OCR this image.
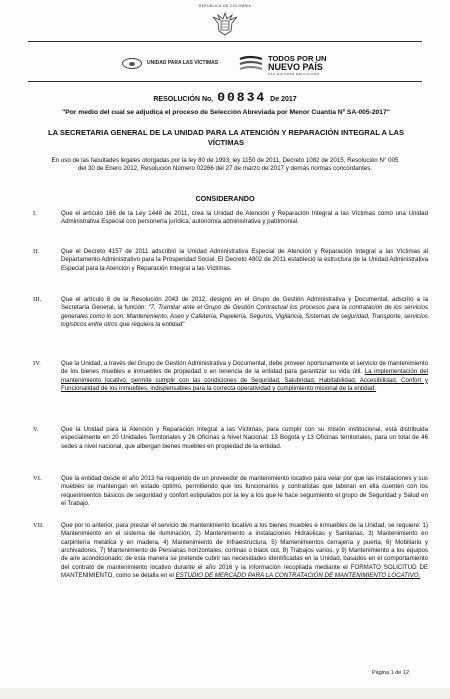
REPÚBLICA DE COLOMBIA
UNIDAD PARA LAS VÍCTIMAS	TODOS POR UN
NUEVO PAÍS
PAZ EQUIDAD EDUCACIÓN
RESOLUCIÓN No. 00834 De 2017
"Por medio del cual se adjudica el proceso de Selección Abreviada por Menor Cuantía Nº SA-005-2017"
LA SECRETARIA GENERAL DE LA UNIDAD PARA LA ATENCIÓN Y REPARACIÓN INTEGRAL A LAS VÍCTIMAS
En uso de las facultades legales otorgadas por la ley 80 de 1993, ley 1150 de 2011, Decreto 1082 de 2015, Resolución N° 005 del 30 de Enero 2012, Resolución Número 02266 del 27 de marzo de 2017 y demás normas concordantes.
CONSIDERANDO
I.	Que el artículo 166 de la Ley 1448 de 2011, crea la Unidad de Atención y Reparación Integral a las Víctimas como una Unidad Administrativa Especial con personería jurídica, autonomía administrativa y patrimonial.
II.	Que el Decreto 4157 de 2011 adscribió la Unidad Administrativa Especial de Atención y Reparación Integral a las Víctimas al Departamento Administrativo para la Prosperidad Social. El Decreto 4802 de 2011 estableció la estructura de la Unidad Administrativa Especial para la Atención y Reparación Integral a las Víctimas.
III.	Que el artículo 6 de la Resolución 2043 de 2012, designó en el Grupo de Gestión Administrativa y Documental, adscrito a la Secretaría General, la función: "7. Tramitar ante el Grupo de Gestión Contractual los procesos para la contratación de los servicios generales como lo son: Mantenimiento, Aseo y Cafetería, Papelería, Seguros, Vigilancia, Sistemas de seguridad, Transporte, servicios logísticos entre otros que requiera la entidad"
IV.	Que la Unidad, a través del Grupo de Gestión Administrativa y Documental, debe proveer oportunamente el servicio de mantenimiento de los bienes muebles e inmuebles de propiedad o en tenencia de la entidad para garantizar su vida útil. La implementación del mantenimiento locativo, permite cumplir con las condiciones de Seguridad, Salubridad, Habitabilidad, Accesibilidad, Confort y Funcionalidad de los inmuebles, indispensables para la correcta operatividad y cumplimiento misional de la entidad.
V.	Que la Unidad para la Atención y Reparación Integral a las Víctimas, para cumplir con su misión institucional, está distribuida especialmente en 20 Unidades Territoriales y 26 Oficinas a Nivel Nacional: 13 Bogotá y 13 Oficinas territoriales, para un total de 46 sedes a nivel nacional, que albergan bienes muebles en propiedad de la entidad.
VI.	Que la entidad desde el año 2013 ha requerido de un proveedor de mantenimiento locativo para velar por que las instalaciones y sus muebles se mantengan en estado óptimo, permitiendo que los funcionarios y contratistas que laboran en ella cuenten con los requerimientos básicos de seguridad y confort estipulados por la ley a los que le hace seguimiento el grupo de Seguridad y Salud en el Trabajo.
VII.	Que por lo anterior, para prestar el servicio de mantenimiento locativo a los bienes muebles e inmuebles de la Unidad, se requiere: 1) Mantenimiento en el sistema de iluminación, 2) Mantenimiento a instalaciones Hidráulicas y Sanitarias, 3) Mantenimiento en carpintería metálica y en madera, 4) Mantenimiento de Infraestructura, 5) Mantenimientos cerrajería y puerta, 6) Mobiliario y archivadores, 7) Mantenimiento de Persianas horizontales, cortinas o black out, 8) Trabajos varios, y 9) Mantenimiento a los equipos de aire acondicionado; de esta manera se pretende cubrir las necesidades identificadas en la Unidad, basados en el comportamiento del contrato de mantenimiento locativo durante el año 2016 y la información recopilada mediante el FORMATO SOLICITUD DE MANTENIMIENTO, como se detalla en el ESTUDIO DE MERCADO PARA LA CONTRATACIÓN DE MANTENIMIENTO LOCATIVO.
Página 1 de 12
